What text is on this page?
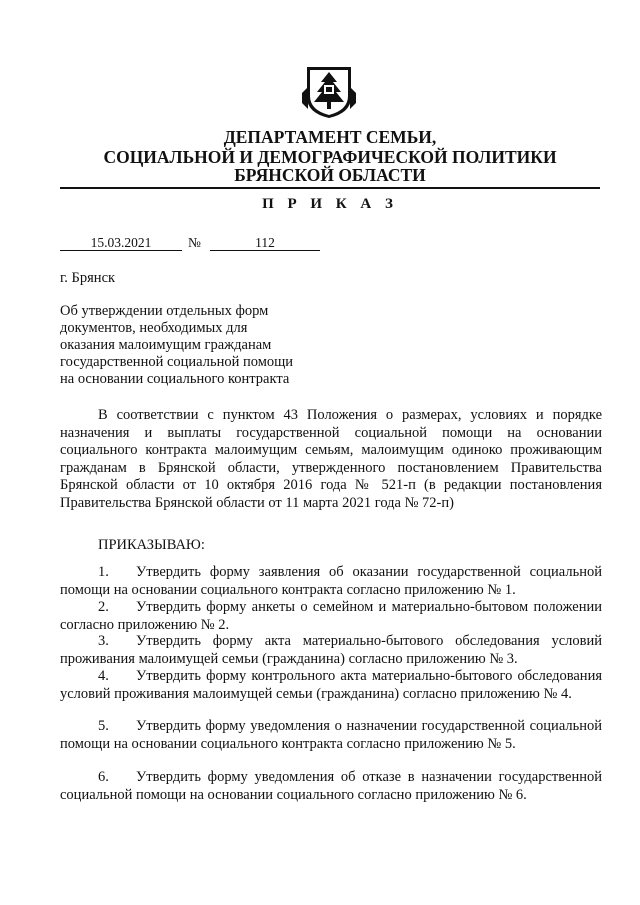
ДЕПАРТАМЕНТ СЕМЬИ,
СОЦИАЛЬНОЙ И ДЕМОГРАФИЧЕСКОЙ ПОЛИТИКИ
БРЯНСКОЙ ОБЛАСТИ
П Р И К А З
15.03.2021	№	112
г. Брянск
Об утверждении отдельных форм
документов, необходимых для
оказания малоимущим гражданам
государственной социальной помощи
на основании социального контракта
В соответствии с пунктом 43 Положения о размерах, условиях и порядке назначения и выплаты государственной социальной помощи на основании социального контракта малоимущим семьям, малоимущим одиноко проживающим гражданам в Брянской области, утвержденного постановлением Правительства Брянской области от 10 октября 2016 года № 521-п (в редакции постановления Правительства Брянской области от 11 марта 2021 года № 72-п)
ПРИКАЗЫВАЮ:
1. Утвердить форму заявления об оказании государственной социальной помощи на основании социального контракта согласно приложению № 1.
2. Утвердить форму анкеты о семейном и материально-бытовом положении согласно приложению № 2.
3. Утвердить форму акта материально-бытового обследования условий проживания малоимущей семьи (гражданина) согласно приложению № 3.
4. Утвердить форму контрольного акта материально-бытового обследования условий проживания малоимущей семьи (гражданина) согласно приложению № 4.
5. Утвердить форму уведомления о назначении государственной социальной помощи на основании социального контракта согласно приложению № 5.
6. Утвердить форму уведомления об отказе в назначении государственной социальной помощи на основании социального согласно приложению № 6.
